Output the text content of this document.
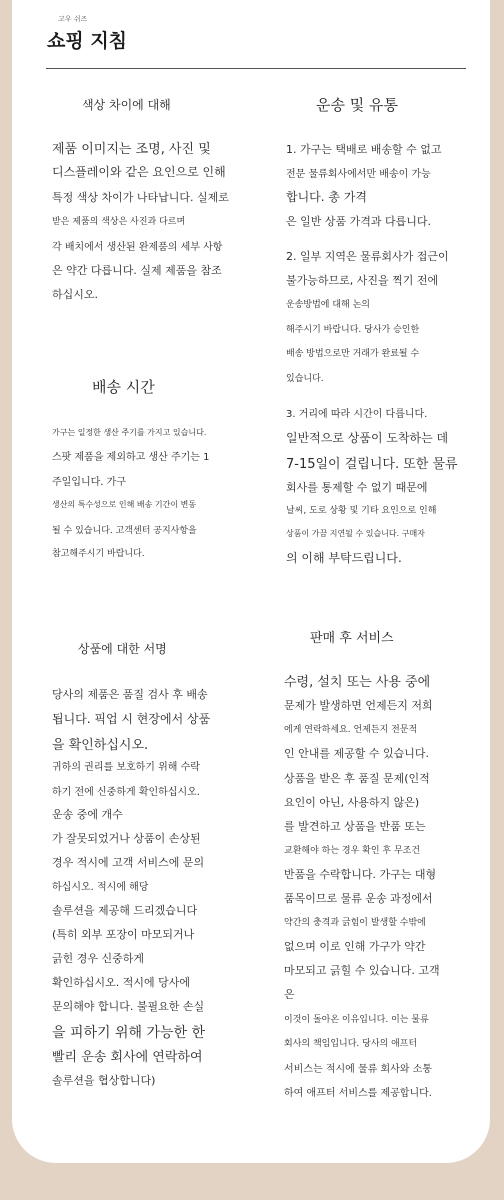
고우 쉬즈
쇼핑 지침
색상 차이에 대해
제품 이미지는 조명, 사진 및
디스플레이와 같은 요인으로 인해
특정 색상 차이가 나타납니다. 실제로
받은 제품의 색상은 사진과 다르며
각 배치에서 생산된 완제품의 세부 사항
은 약간 다릅니다. 실제 제품을 참조
하십시오.
운송 및 유통
1. 가구는 택배로 배송할 수 없고
전문 물류회사에서만 배송이 가능
합니다. 총 가격
은 일반 상품 가격과 다릅니다.
2. 일부 지역은 물류회사가 접근이
불가능하므로, 사진을 찍기 전에
운송방법에 대해 논의
해주시기 바랍니다. 당사가 승인한
배송 방법으로만 거래가 완료될 수
있습니다.
3. 거리에 따라 시간이 다릅니다.
일반적으로 상품이 도착하는 데
7-15일이 걸립니다. 또한 물류
회사를 통제할 수 없기 때문에
날씨, 도로 상황 및 기타 요인으로 인해
상품이 가끔 지연될 수 있습니다. 구매자
의 이해 부탁드립니다.
배송 시간
가구는 일정한 생산 주기를 가지고 있습니다.
스팟 제품을 제외하고 생산 주기는 1
주일입니다. 가구
생산의 특수성으로 인해 배송 기간이 변동
될 수 있습니다. 고객센터 공지사항을
참고해주시기 바랍니다.
상품에 대한 서명
당사의 제품은 품질 검사 후 배송
됩니다. 픽업 시 현장에서 상품
을 확인하십시오.
귀하의 권리를 보호하기 위해 수락
하기 전에 신중하게 확인하십시오.
운송 중에 개수
가 잘못되었거나 상품이 손상된
경우 적시에 고객 서비스에 문의
하십시오. 적시에 해당
솔루션을 제공해 드리겠습니다
(특히 외부 포장이 마모되거나
긁힌 경우 신중하게
확인하십시오. 적시에 당사에
문의해야 합니다. 불필요한 손실
을 피하기 위해 가능한 한
빨리 운송 회사에 연락하여
솔루션을 협상합니다)
판매 후 서비스
수령, 설치 또는 사용 중에
문제가 발생하면 언제든지 저희
에게 연락하세요. 언제든지 전문적
인 안내를 제공할 수 있습니다.
상품을 받은 후 품질 문제(인적
요인이 아닌, 사용하지 않은)
를 발견하고 상품을 반품 또는
교환해야 하는 경우 확인 후 무조건
반품을 수락합니다. 가구는 대형
품목이므로 물류 운송 과정에서
약간의 충격과 긁힘이 발생할 수밖에
없으며 이로 인해 가구가 약간
마모되고 긁힐 수 있습니다. 고객
은
이것이 돌아온 이유입니다. 이는 물류
회사의 책임입니다. 당사의 애프터
서비스는 적시에 물류 회사와 소통
하여 애프터 서비스를 제공합니다.
